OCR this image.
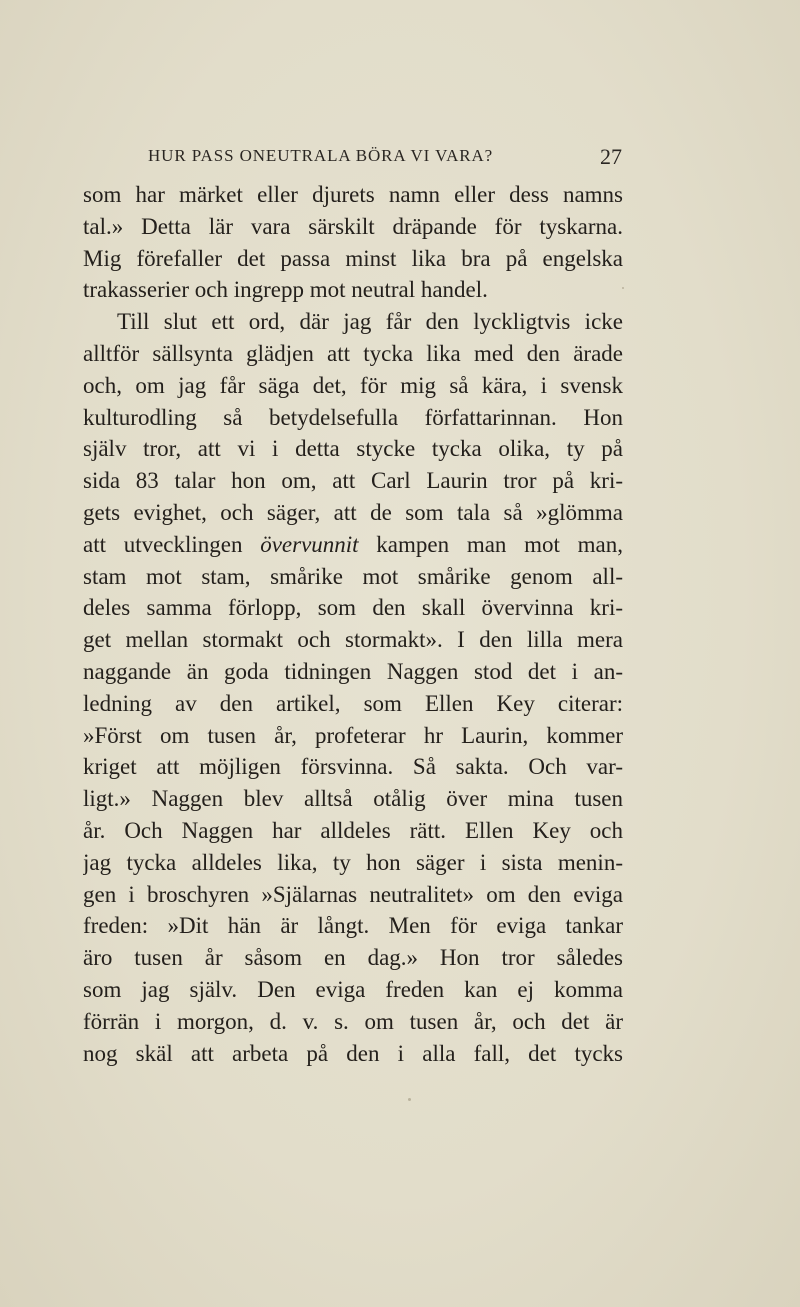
HUR PASS ONEUTRALA BÖRA VI VARA?	27
som har märket eller djurets namn eller dess namns
tal.» Detta lär vara särskilt dräpande för tyskarna.
Mig förefaller det passa minst lika bra på engelska
trakasserier och ingrepp mot neutral handel.
Till slut ett ord, där jag får den lyckligtvis icke
alltför sällsynta glädjen att tycka lika med den ärade
och, om jag får säga det, för mig så kära, i svensk
kulturodling så betydelsefulla författarinnan. Hon
själv tror, att vi i detta stycke tycka olika, ty på
sida 83 talar hon om, att Carl Laurin tror på kri-
gets evighet, och säger, att de som tala så »glömma
att utvecklingen övervunnit kampen man mot man,
stam mot stam, smårike mot smårike genom all-
deles samma förlopp, som den skall övervinna kri-
get mellan stormakt och stormakt». I den lilla mera
naggande än goda tidningen Naggen stod det i an-
ledning av den artikel, som Ellen Key citerar:
»Först om tusen år, profeterar hr Laurin, kommer
kriget att möjligen försvinna. Så sakta. Och var-
ligt.» Naggen blev alltså otålig över mina tusen
år. Och Naggen har alldeles rätt. Ellen Key och
jag tycka alldeles lika, ty hon säger i sista menin-
gen i broschyren »Själarnas neutralitet» om den eviga
freden: »Dit hän är långt. Men för eviga tankar
äro tusen år såsom en dag.» Hon tror således
som jag själv. Den eviga freden kan ej komma
förrän i morgon, d. v. s. om tusen år, och det är
nog skäl att arbeta på den i alla fall, det tycks
